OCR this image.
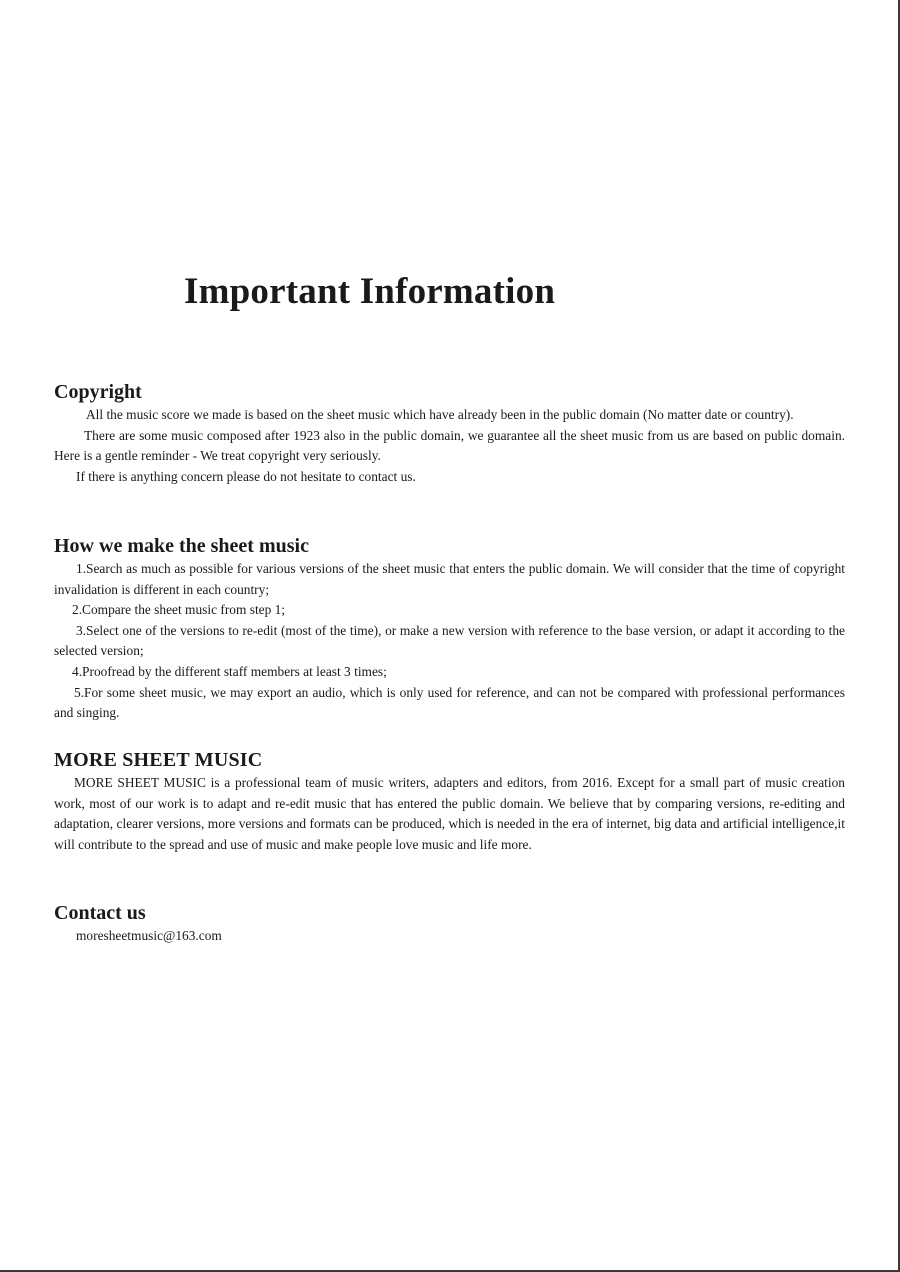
Important Information
Copyright

All the music score we made is based on the sheet music which have already been in the public domain (No matter date or country).

There are some music composed after 1923 also in the public domain, we guarantee all the sheet music from us are based on public domain. Here is a gentle reminder - We treat copyright very seriously.

If there is anything concern please do not hesitate to contact us.

How we make the sheet music

1.Search as much as possible for various versions of the sheet music that enters the public domain. We will consider that the time of copyright invalidation is different in each country;

2.Compare the sheet music from step 1;

3.Select one of the versions to re-edit (most of the time), or make a new version with reference to the base version, or adapt it according to the selected version;

4.Proofread by the different staff members at least 3 times;

5.For some sheet music, we may export an audio, which is only used for reference, and can not be compared with professional performances and singing.

MORE SHEET MUSIC

MORE SHEET MUSIC is a professional team of music writers, adapters and editors, from 2016. Except for a small part of music creation work, most of our work is to adapt and re-edit music that has entered the public domain. We believe that by comparing versions, re-editing and adaptation, clearer versions, more versions and formats can be produced, which is needed in the era of internet, big data and artificial intelligence,it will contribute to the spread and use of music and make people love music and life more.

Contact us

moresheetmusic@163.com
